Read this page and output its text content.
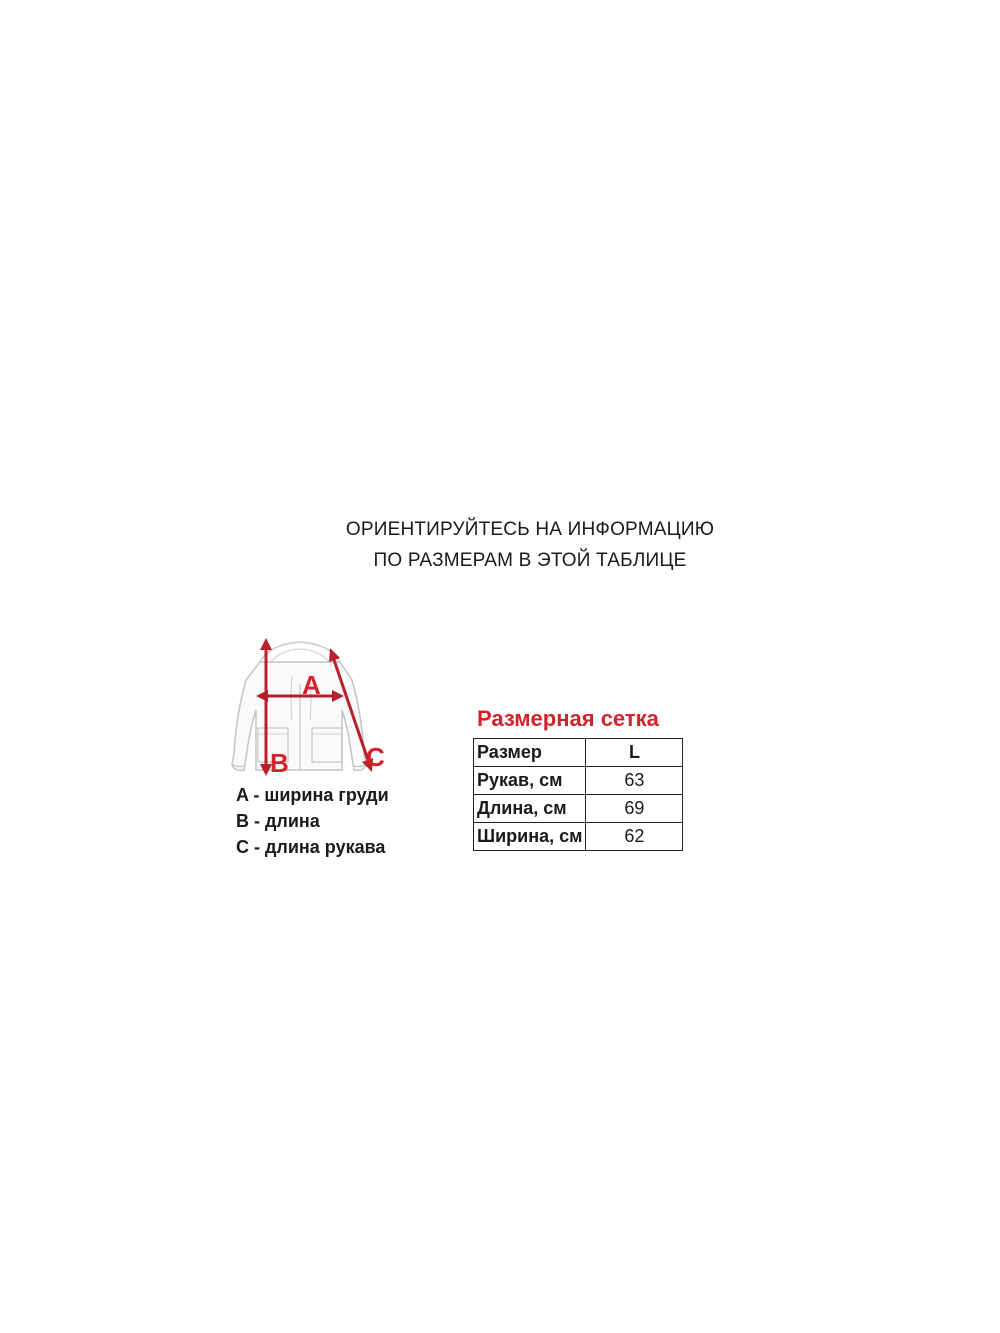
ОРИЕНТИРУЙТЕСЬ НА ИНФОРМАЦИЮ
ПО РАЗМЕРАМ В ЭТОЙ ТАБЛИЦЕ
A
B	C
A - ширина груди
B - длина
C - длина рукава
Размерная сетка
Размер	L
Рукав, см	63
Длина, см	69
Ширина, см	62
